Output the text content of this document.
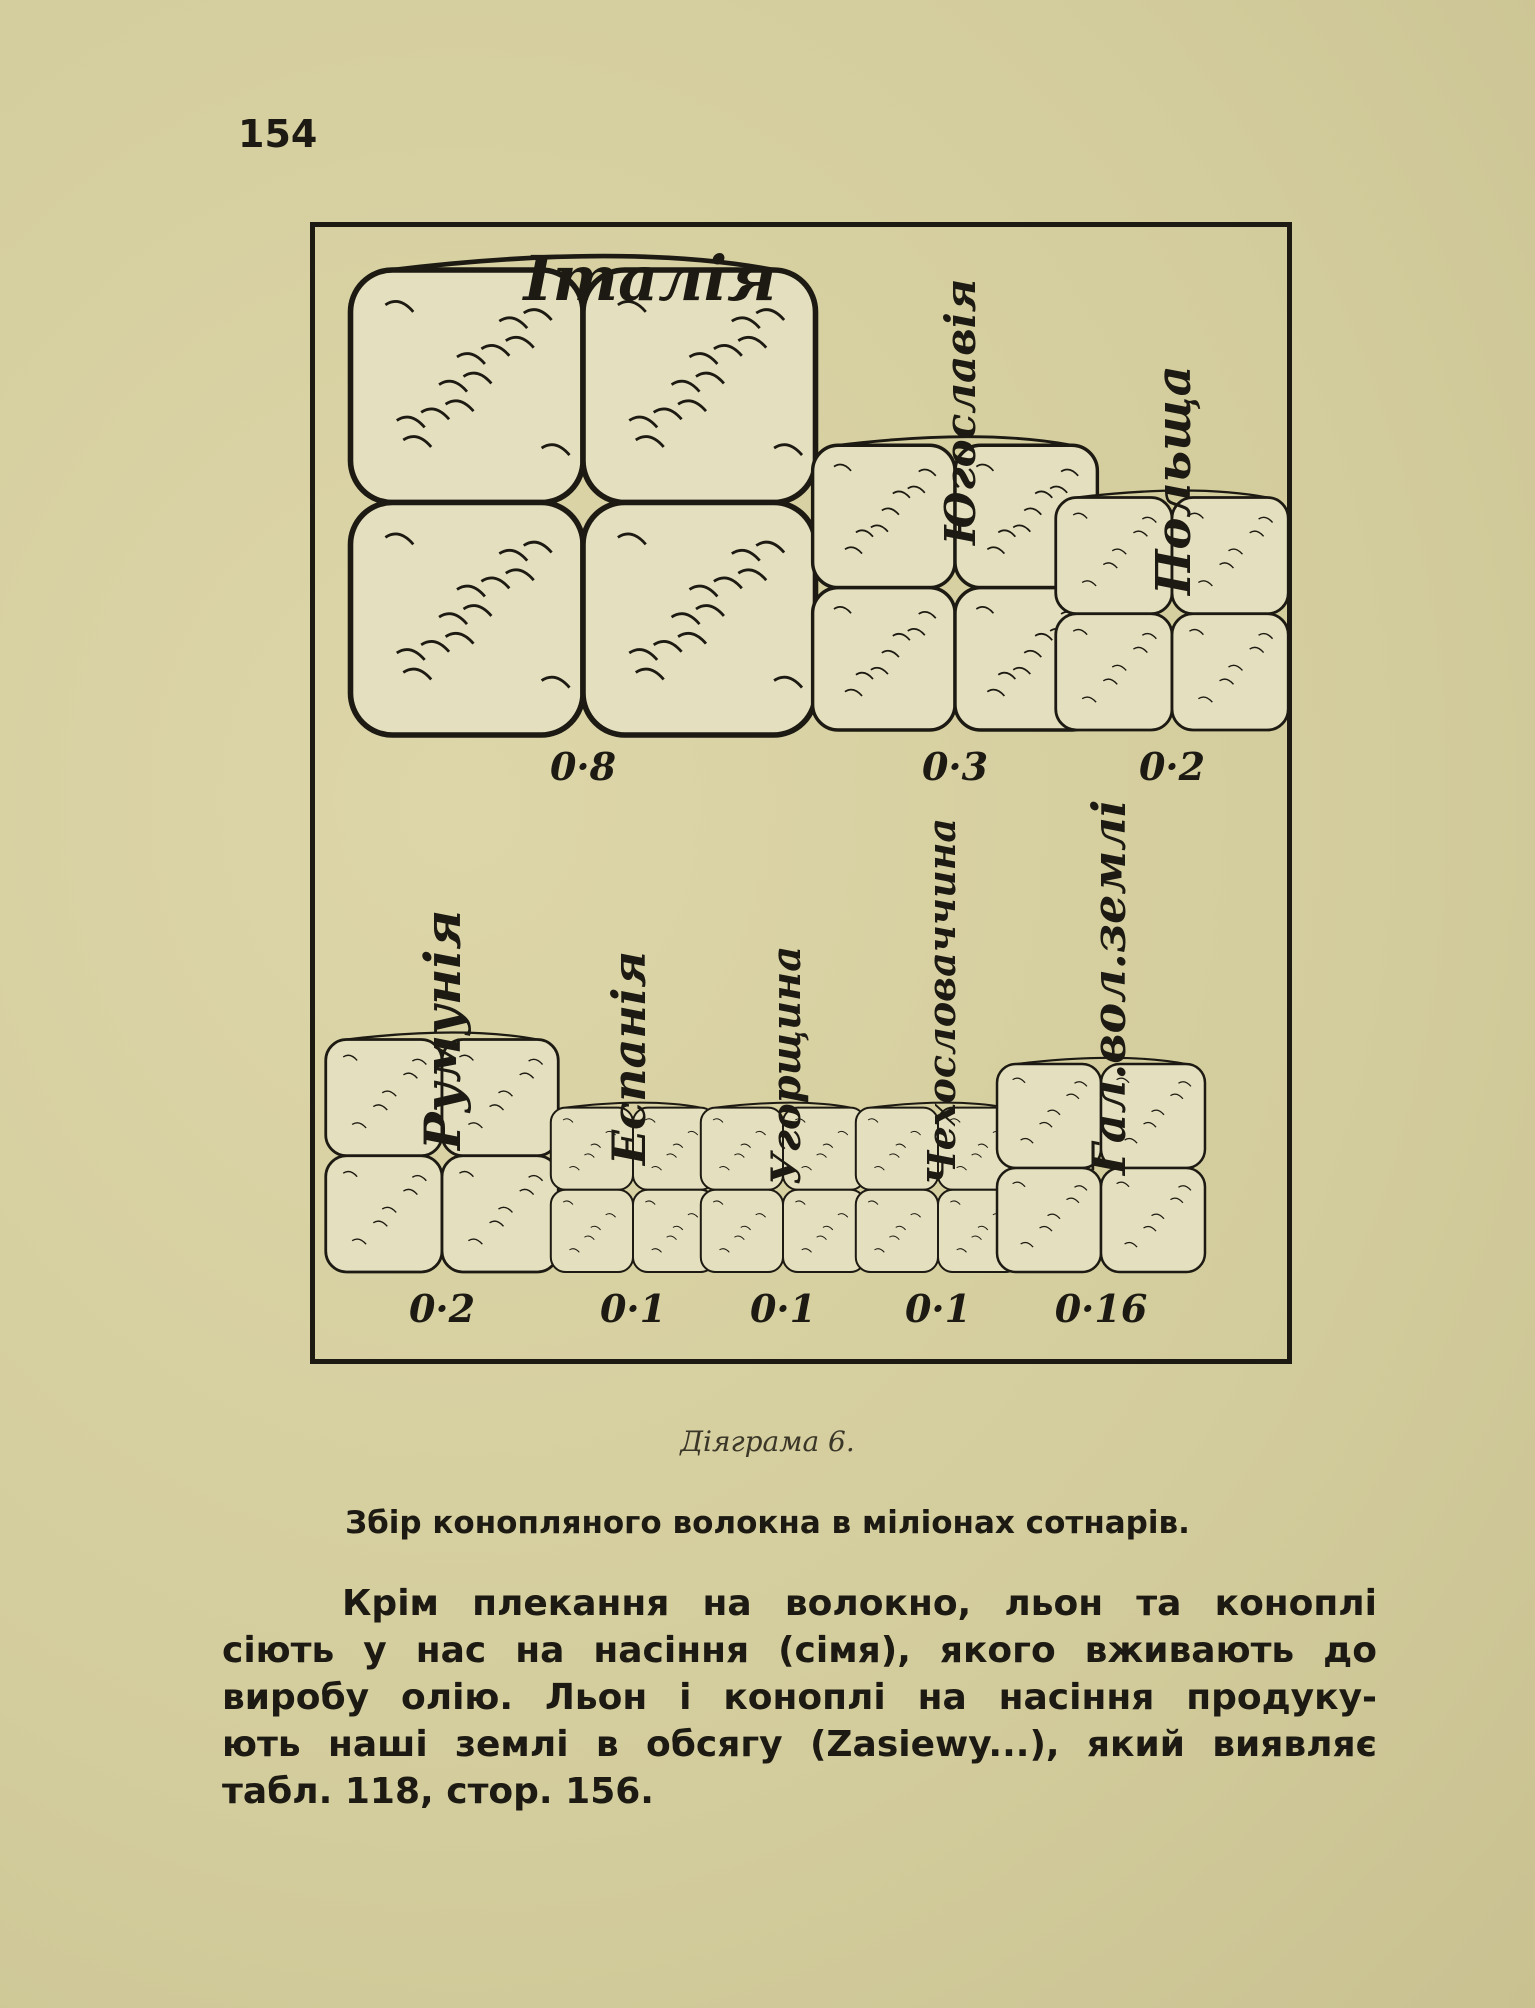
154
0·8
Італія
0·3
Югославія
0·2
Польща
0·2
Румунія
0·1
Еспанія
0·1
Угорщина
0·1
Чехословаччина
0·16
Гал.вол.землі
Діяграма 6.
Збір конопляного волокна в міліонах сотнарів.
Крім плекання на волокно, льон та коноплі
сіють у нас на насіння (сімя), якого вживають до
виробу олію. Льон і коноплі на насіння продуку-
ють наші землі в обсягу (Zasiewy...), який виявляє
табл. 118, стор. 156.
